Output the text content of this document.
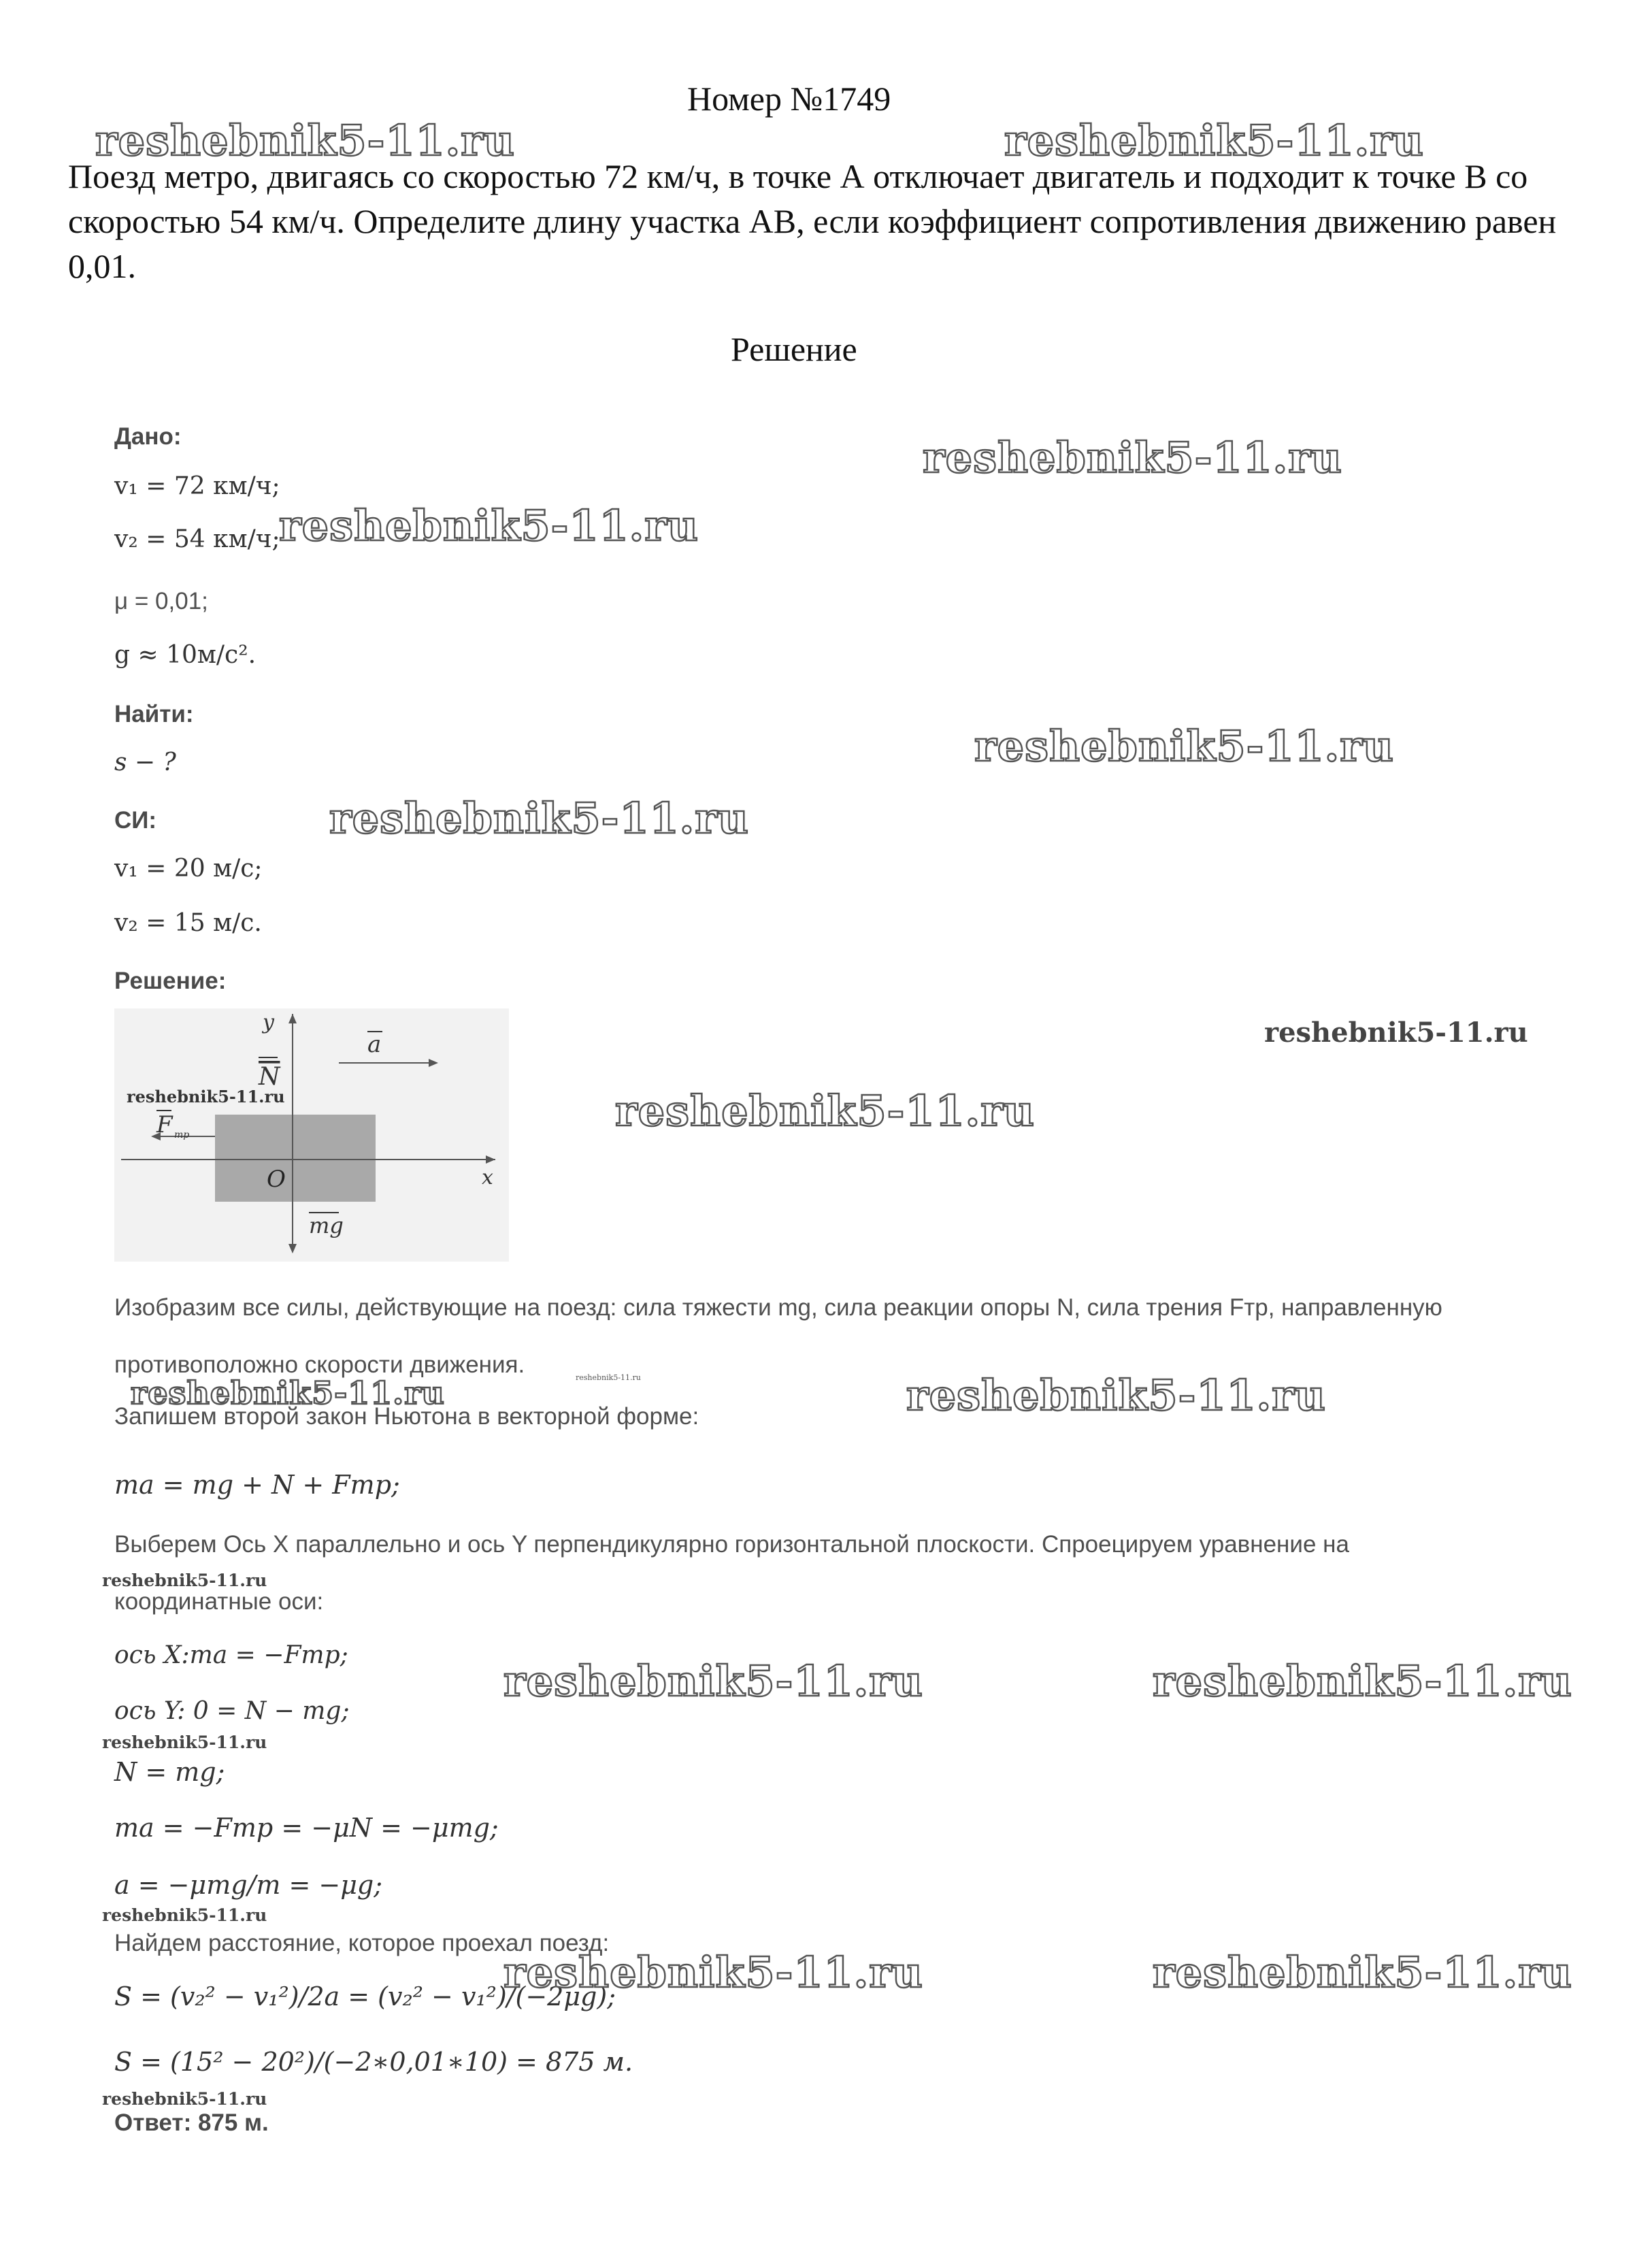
Номер №1749
Поезд метро, двигаясь со скоростью 72 км/ч, в точке А отключает двигатель и подходит к точке В со скоростью 54 км/ч. Определите длину участка АВ, если коэффициент сопротивления движению равен 0,01.
Решение
Дано:
v₁ = 72 км/ч;
v₂ = 54 км/ч;
μ = 0,01;
g ≈ 10м/с².
Найти:
s − ?
СИ:
v₁ = 20 м/с;
v₂ = 15 м/с.
Решение:
y
x
O
N
a
mg
F тр
reshebnik5-11.ru
Изобразим все силы, действующие на поезд: сила тяжести mg, сила реакции опоры N, сила трения Fтр, направленную
противоположно скорости движения.
Запишем второй закон Ньютона в векторной форме:
ma = mg + N + Fтр;
Выберем Ось X параллельно и ось Y перпендикулярно горизонтальной плоскости. Спроецируем уравнение на
координатные оси:
ось X:ma = −Fтр;
ось Y: 0 = N − mg;
N = mg;
ma = −Fтр = −μN = −μmg;
a = −μmg/m = −μg;
Найдем расстояние, которое проехал поезд:
S = (v₂² − v₁²)/2a = (v₂² − v₁²)/(−2μg);
S = (15² − 20²)/(−2∗0,01∗10) = 875 м.
Ответ: 875 м.
reshebnik5-11.ru	reshebnik5-11.ru
reshebnik5-11.ru
reshebnik5-11.ru
reshebnik5-11.ru
reshebnik5-11.ru
reshebnik5-11.ru
reshebnik5-11.ru
reshebnik5-11.ru
reshebnik5-11.ru	reshebnik5-11.ru
reshebnik5-11.ru
reshebnik5-11.ru	reshebnik5-11.ru
reshebnik5-11.ru
reshebnik5-11.ru
reshebnik5-11.ru	reshebnik5-11.ru
reshebnik5-11.ru
